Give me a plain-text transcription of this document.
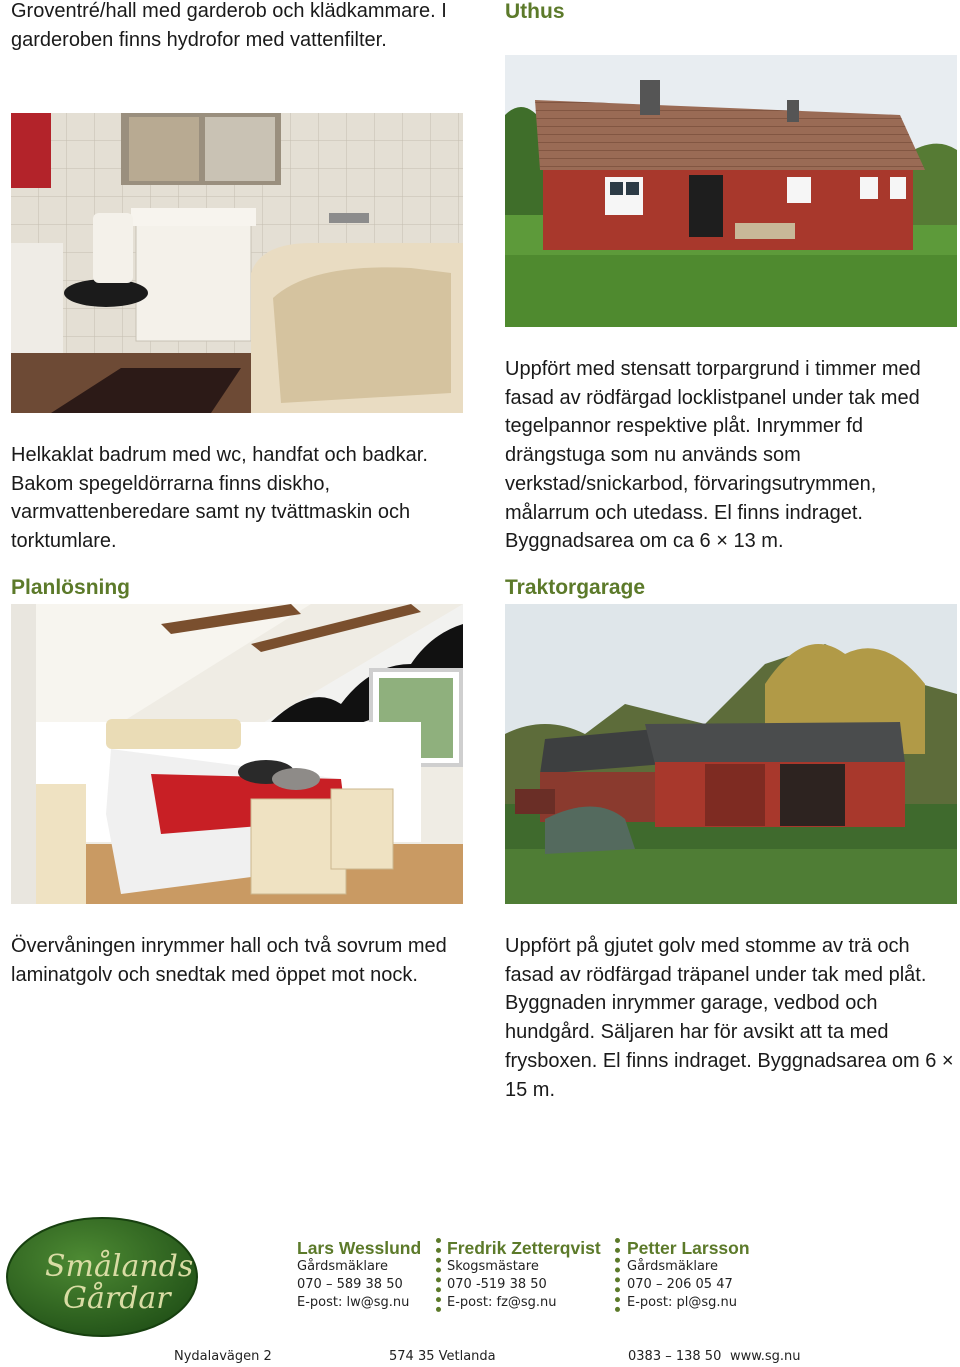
Groventré/hall med garderob och klädkammare. I garderoben finns hydrofor med vattenfilter.

Helkaklat badrum med wc, handfat och badkar. Bakom spegeldörrarna finns diskho, varmvattenberedare samt ny tvättmaskin och torktumlare.

Planlösning

Övervåningen inrymmer hall och två sovrum med laminatgolv och snedtak med öppet mot nock.

Uthus

Uppfört med stensatt torpargrund i timmer med fasad av rödfärgad locklistpanel under tak med tegelpannor respektive plåt. Inrymmer fd drängstuga som nu används som verkstad/snickarbod, förvaringsutrymmen, målarrum och utedass. El finns indraget. Byggnadsarea om ca 6 × 13 m.

Traktorgarage

Uppfört på gjutet golv med stomme av trä och fasad av rödfärgad träpanel under tak med plåt. Byggnaden inrymmer garage, vedbod och hundgård. Säljaren har för avsikt att ta med frysboxen. El finns indraget. Byggnadsarea om 6 × 15 m.

Smålands
Gårdar
Lars Wesslund
Gårdsmäklare
070 – 589 38 50
E-post: lw@sg.nu
Fredrik Zetterqvist
Skogsmästare
070 -519 38 50
E-post: fz@sg.nu
Petter Larsson
Gårdsmäklare
070 – 206 05 47
E-post: pl@sg.nu
Nydalavägen 2	574 35 Vetlanda	0383 – 138 50 www.sg.nu
